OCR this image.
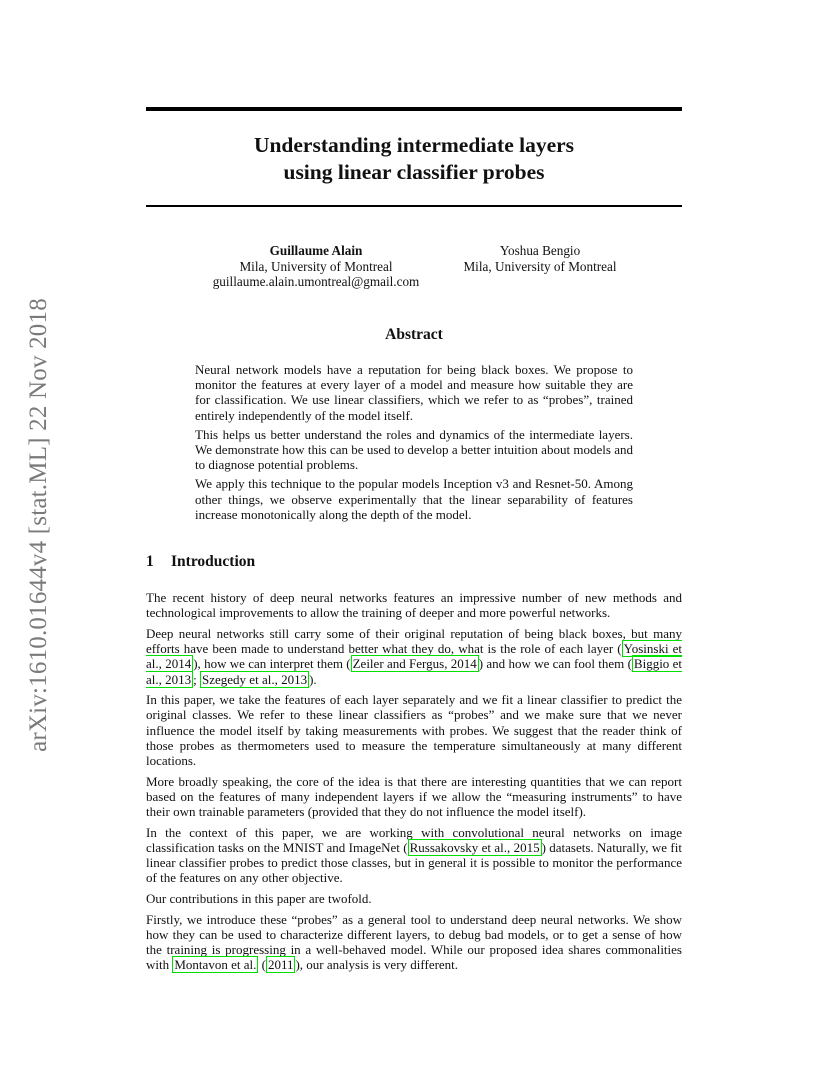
arXiv:1610.01644v4 [stat.ML] 22 Nov 2018
Understanding intermediate layers
using linear classifier probes
Guillaume Alain
Mila, University of Montreal
guillaume.alain.umontreal@gmail.com
Yoshua Bengio
Mila, University of Montreal
Abstract

Neural network models have a reputation for being black boxes. We propose to monitor the features at every layer of a model and measure how suitable they are for classification. We use linear classifiers, which we refer to as “probes”, trained entirely independently of the model itself.

This helps us better understand the roles and dynamics of the intermediate layers. We demonstrate how this can be used to develop a better intuition about models and to diagnose potential problems.

We apply this technique to the popular models Inception v3 and Resnet-50. Among other things, we observe experimentally that the linear separability of features increase monotonically along the depth of the model.

1 Introduction

The recent history of deep neural networks features an impressive number of new methods and technological improvements to allow the training of deeper and more powerful networks.

Deep neural networks still carry some of their original reputation of being black boxes, but many efforts have been made to understand better what they do, what is the role of each layer ( Yosinski et al., 2014 ), how we can interpret them ( Zeiler and Fergus, 2014 ) and how we can fool them ( Biggio et al., 2013 ; Szegedy et al., 2013 ).

In this paper, we take the features of each layer separately and we fit a linear classifier to predict the original classes. We refer to these linear classifiers as “probes” and we make sure that we never influence the model itself by taking measurements with probes. We suggest that the reader think of those probes as thermometers used to measure the temperature simultaneously at many different locations.

More broadly speaking, the core of the idea is that there are interesting quantities that we can report based on the features of many independent layers if we allow the “measuring instruments” to have their own trainable parameters (provided that they do not influence the model itself).

In the context of this paper, we are working with convolutional neural networks on image classification tasks on the MNIST and ImageNet ( Russakovsky et al., 2015 ) datasets. Naturally, we fit linear classifier probes to predict those classes, but in general it is possible to monitor the performance of the features on any other objective.

Our contributions in this paper are twofold.

Firstly, we introduce these “probes” as a general tool to understand deep neural networks. We show how they can be used to characterize different layers, to debug bad models, or to get a sense of how the training is progressing in a well-behaved model. While our proposed idea shares commonalities with Montavon et al. ( 2011 ), our analysis is very different.
